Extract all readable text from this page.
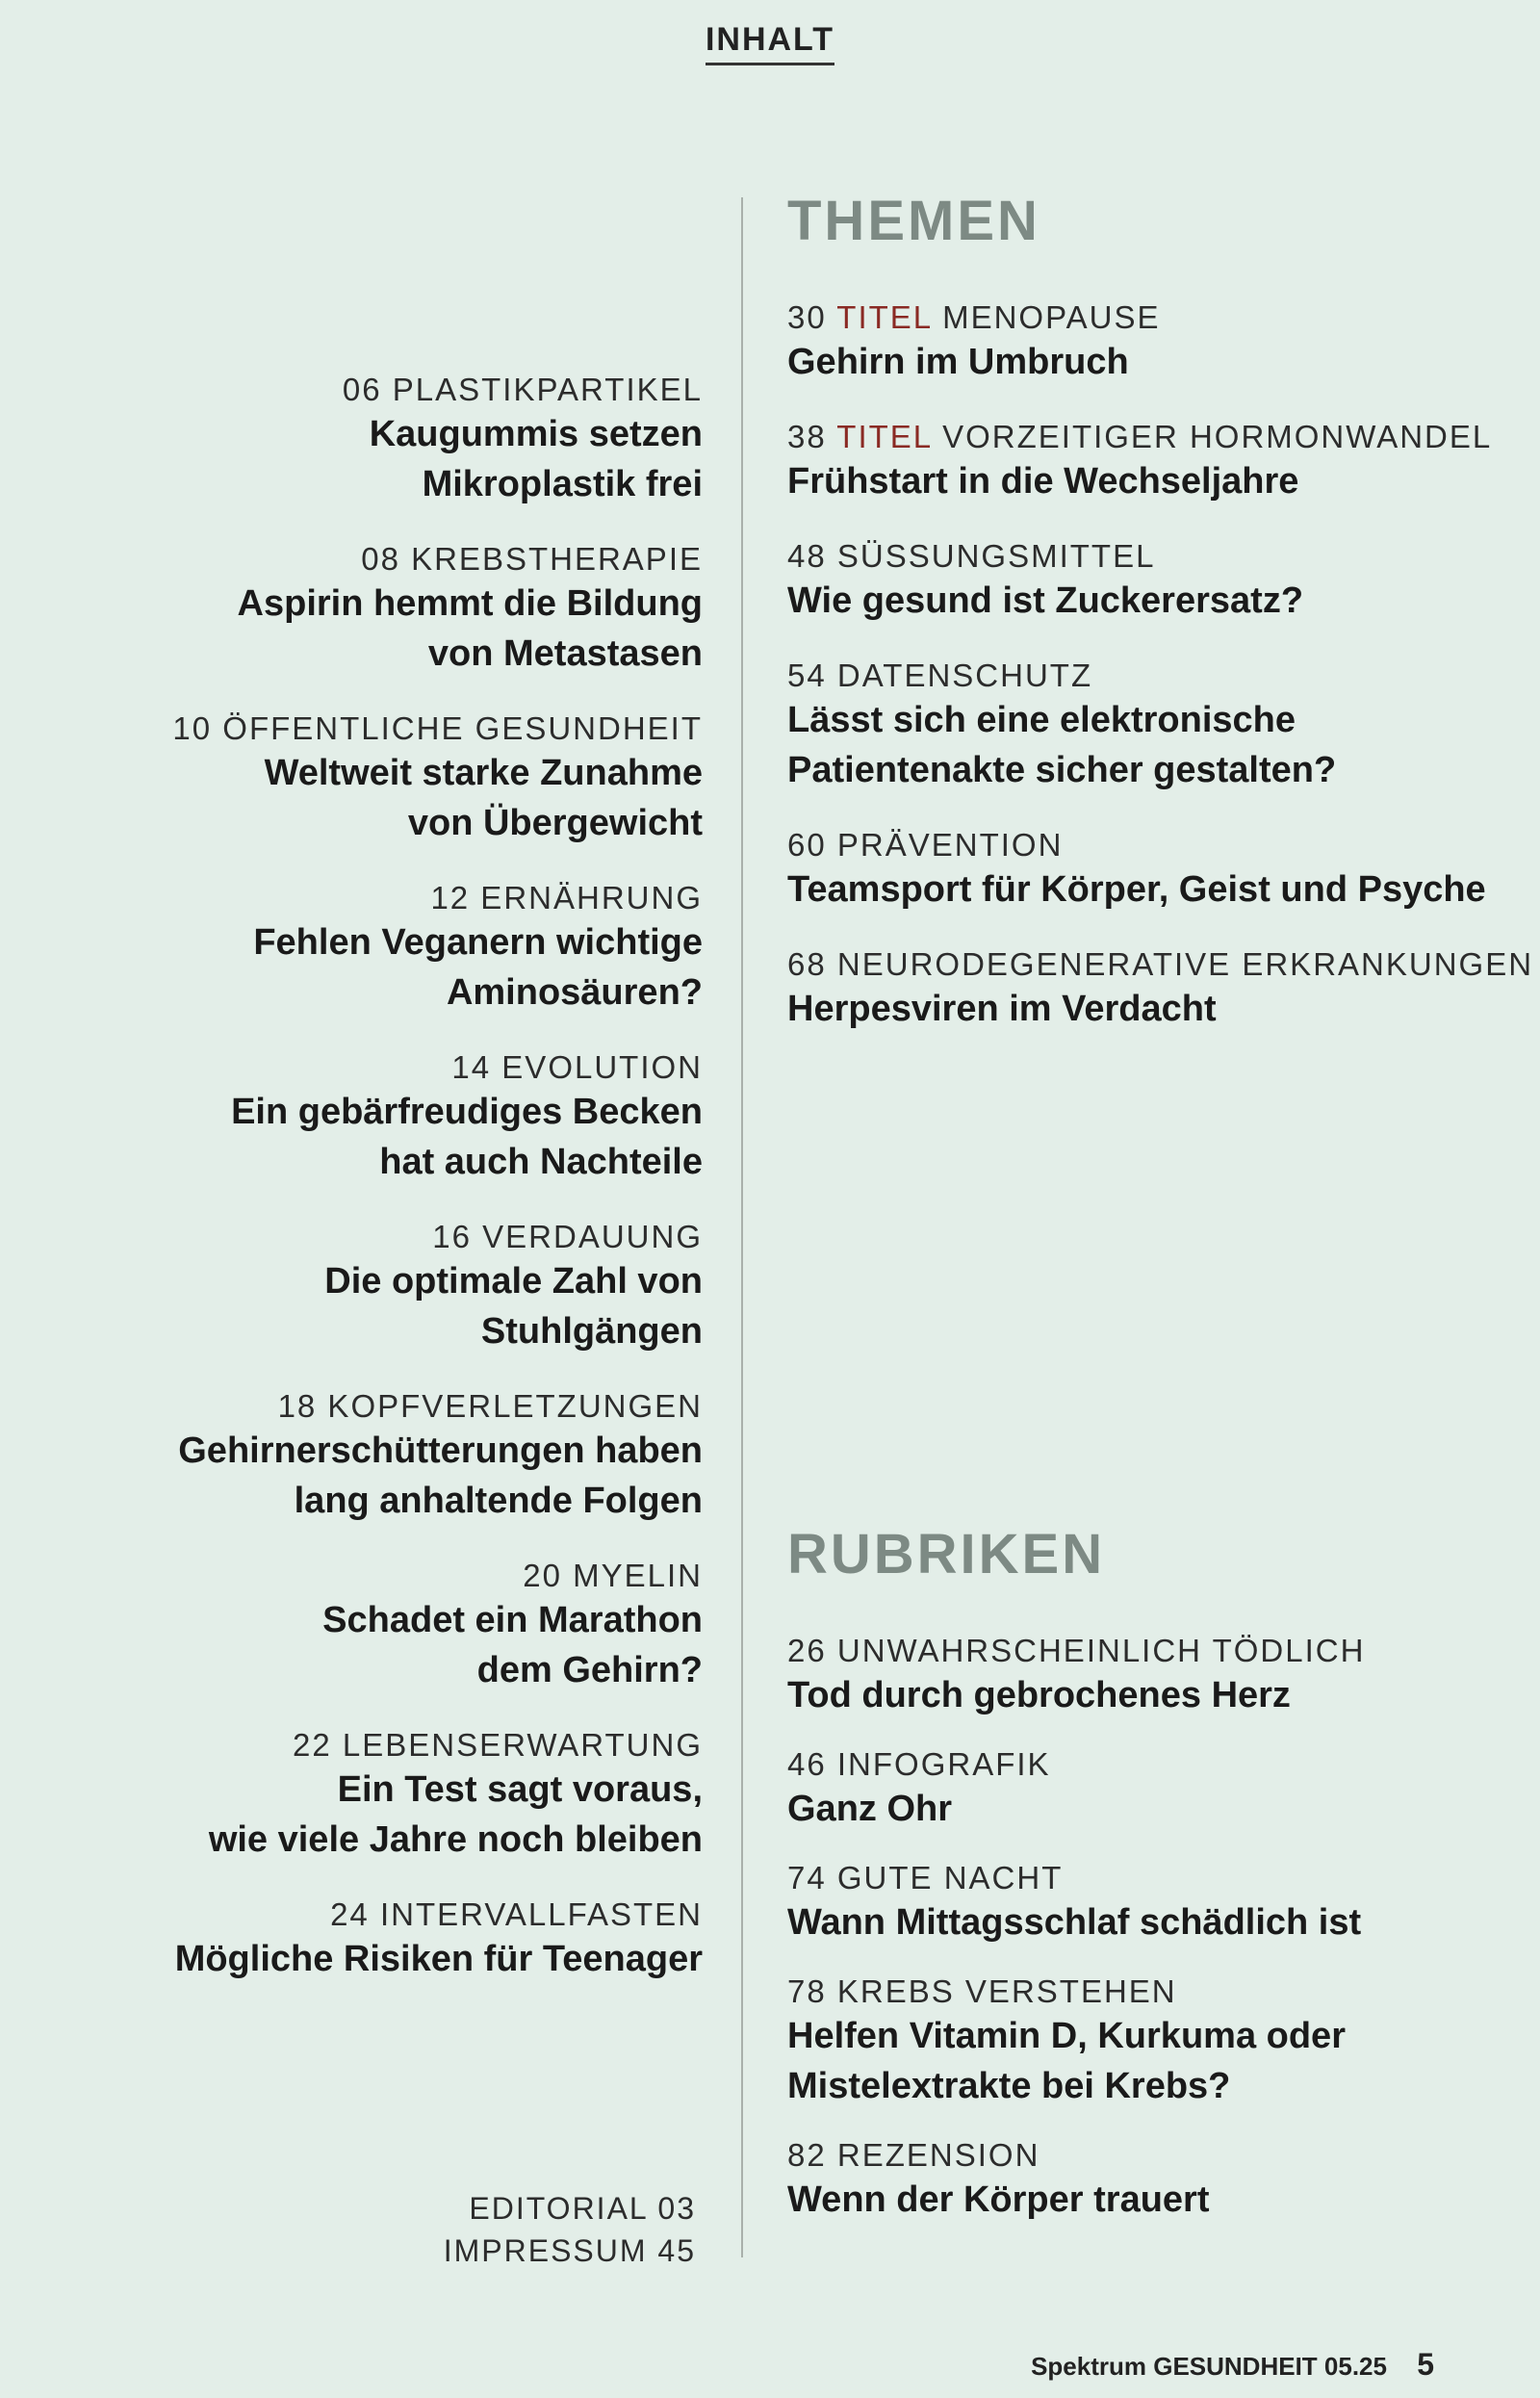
INHALT
06 PLASTIKPARTIKEL
Kaugummis setzen
Mikroplastik frei
08 KREBSTHERAPIE
Aspirin hemmt die Bildung
von Metastasen
10 ÖFFENTLICHE GESUNDHEIT
Weltweit starke Zunahme
von Übergewicht
12 ERNÄHRUNG
Fehlen Veganern wichtige
Aminosäuren?
14 EVOLUTION
Ein gebärfreudiges Becken
hat auch Nachteile
16 VERDAUUNG
Die optimale Zahl von
Stuhlgängen
18 KOPFVERLETZUNGEN
Gehirnerschütterungen haben
lang anhaltende Folgen
20 MYELIN
Schadet ein Marathon
dem Gehirn?
22 LEBENSERWARTUNG
Ein Test sagt voraus,
wie viele Jahre noch bleiben
24 INTERVALLFASTEN
Mögliche Risiken für Teenager
THEMEN
30 TITEL MENOPAUSE
Gehirn im Umbruch
38 TITEL VORZEITIGER HORMONWANDEL
Frühstart in die Wechseljahre
48 SÜSSUNGSMITTEL
Wie gesund ist Zuckerersatz?
54 DATENSCHUTZ
Lässt sich eine elektronische
Patientenakte sicher gestalten?
60 PRÄVENTION
Teamsport für Körper, Geist und Psyche
68 NEURODEGENERATIVE ERKRANKUNGEN
Herpesviren im Verdacht
RUBRIKEN
26 UNWAHRSCHEINLICH TÖDLICH
Tod durch gebrochenes Herz
46 INFOGRAFIK
Ganz Ohr
74 GUTE NACHT
Wann Mittagsschlaf schädlich ist
78 KREBS VERSTEHEN
Helfen Vitamin D, Kurkuma oder
Mistelextrakte bei Krebs?
82 REZENSION
Wenn der Körper trauert
EDITORIAL 03
IMPRESSUM 45
Spektrum GESUNDHEIT 05.25 5
